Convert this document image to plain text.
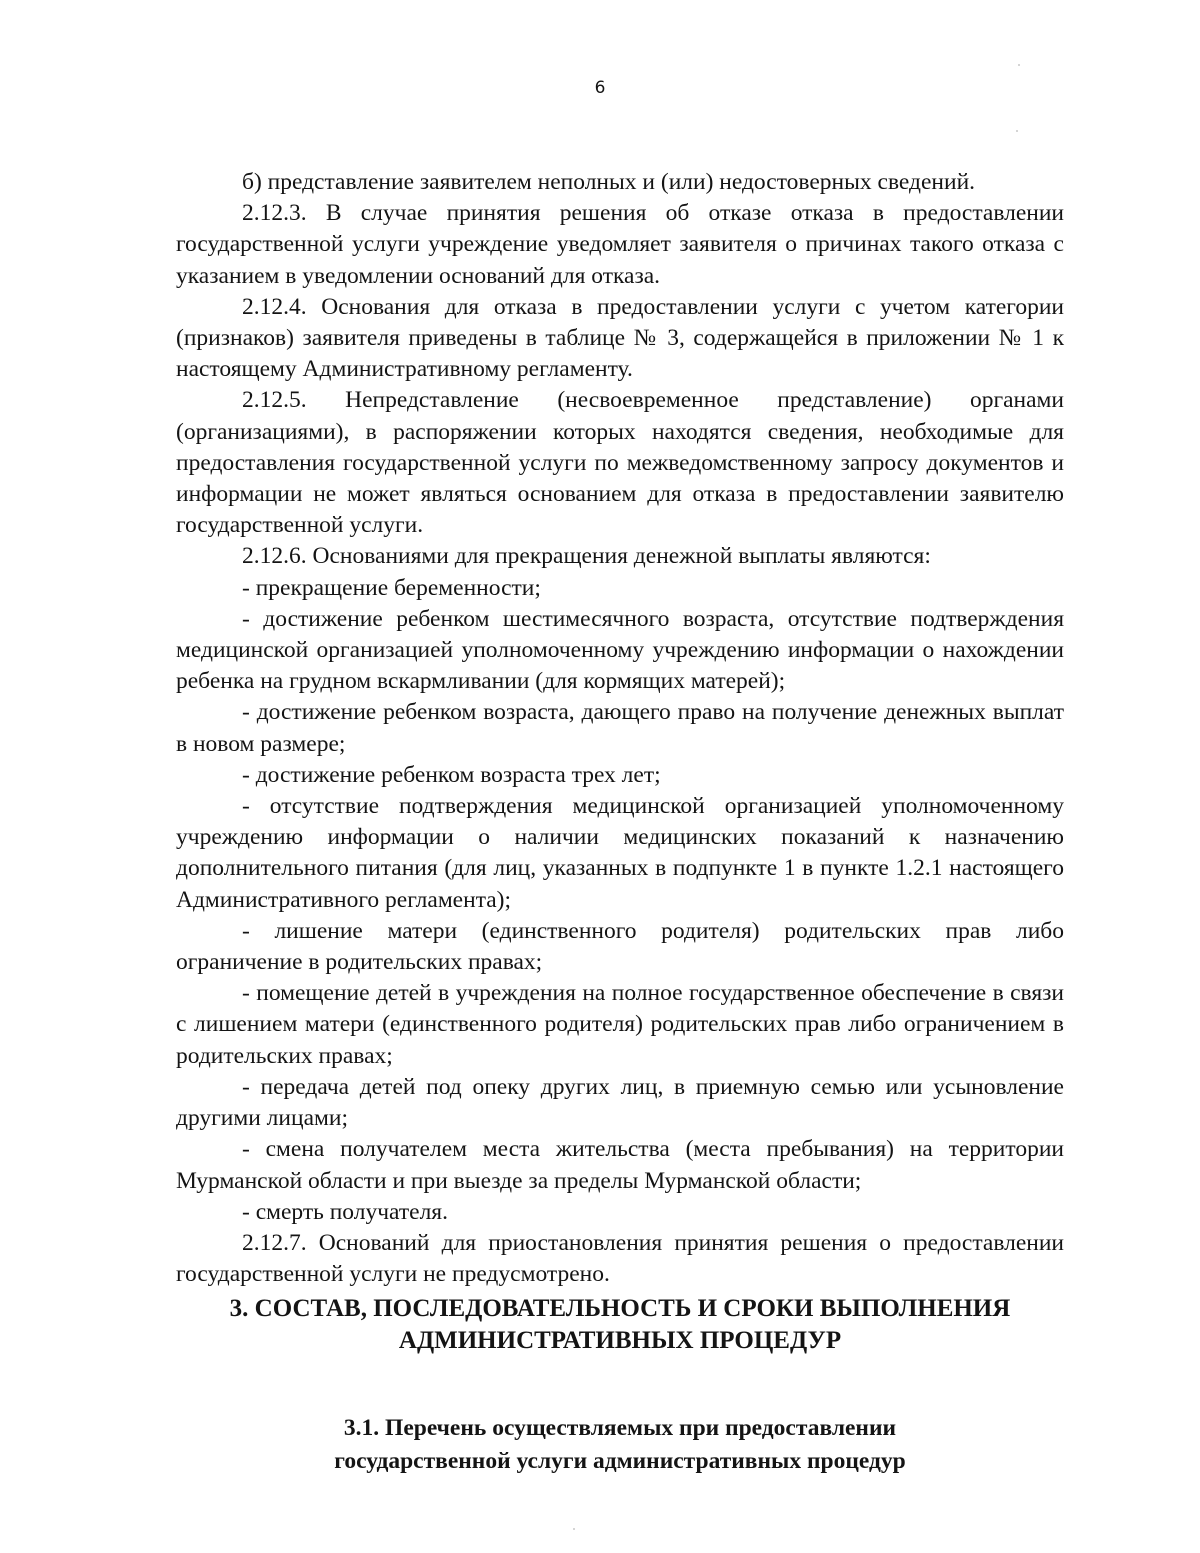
6

б) представление заявителем неполных и (или) недостоверных сведений.

2.12.3. В случае принятия решения об отказе отказа в предоставлении государственной услуги учреждение уведомляет заявителя о причинах такого отказа с указанием в уведомлении оснований для отказа.

2.12.4. Основания для отказа в предоставлении услуги с учетом категории (признаков) заявителя приведены в таблице № 3, содержащейся в приложении № 1 к настоящему Административному регламенту.

2.12.5. Непредставление (несвоевременное представление) органами (организациями), в распоряжении которых находятся сведения, необходимые для предоставления государственной услуги по межведомственному запросу документов и информации не может являться основанием для отказа в предоставлении заявителю государственной услуги.

2.12.6. Основаниями для прекращения денежной выплаты являются:

- прекращение беременности;

- достижение ребенком шестимесячного возраста, отсутствие подтверждения медицинской организацией уполномоченному учреждению информации о нахождении ребенка на грудном вскармливании (для кормящих матерей);

- достижение ребенком возраста, дающего право на получение денежных выплат в новом размере;

- достижение ребенком возраста трех лет;

- отсутствие подтверждения медицинской организацией уполномоченному учреждению информации о наличии медицинских показаний к назначению дополнительного питания (для лиц, указанных в подпункте 1 в пункте 1.2.1 настоящего Административного регламента);

- лишение матери (единственного родителя) родительских прав либо ограничение в родительских правах;

- помещение детей в учреждения на полное государственное обеспечение в связи с лишением матери (единственного родителя) родительских прав либо ограничением в родительских правах;

- передача детей под опеку других лиц, в приемную семью или усыновление другими лицами;

- смена получателем места жительства (места пребывания) на территории Мурманской области и при выезде за пределы Мурманской области;

- смерть получателя.

2.12.7. Оснований для приостановления принятия решения о предоставлении государственной услуги не предусмотрено.

3. СОСТАВ, ПОСЛЕДОВАТЕЛЬНОСТЬ И СРОКИ ВЫПОЛНЕНИЯ
АДМИНИСТРАТИВНЫХ ПРОЦЕДУР
3.1. Перечень осуществляемых при предоставлении
государственной услуги административных процедур
